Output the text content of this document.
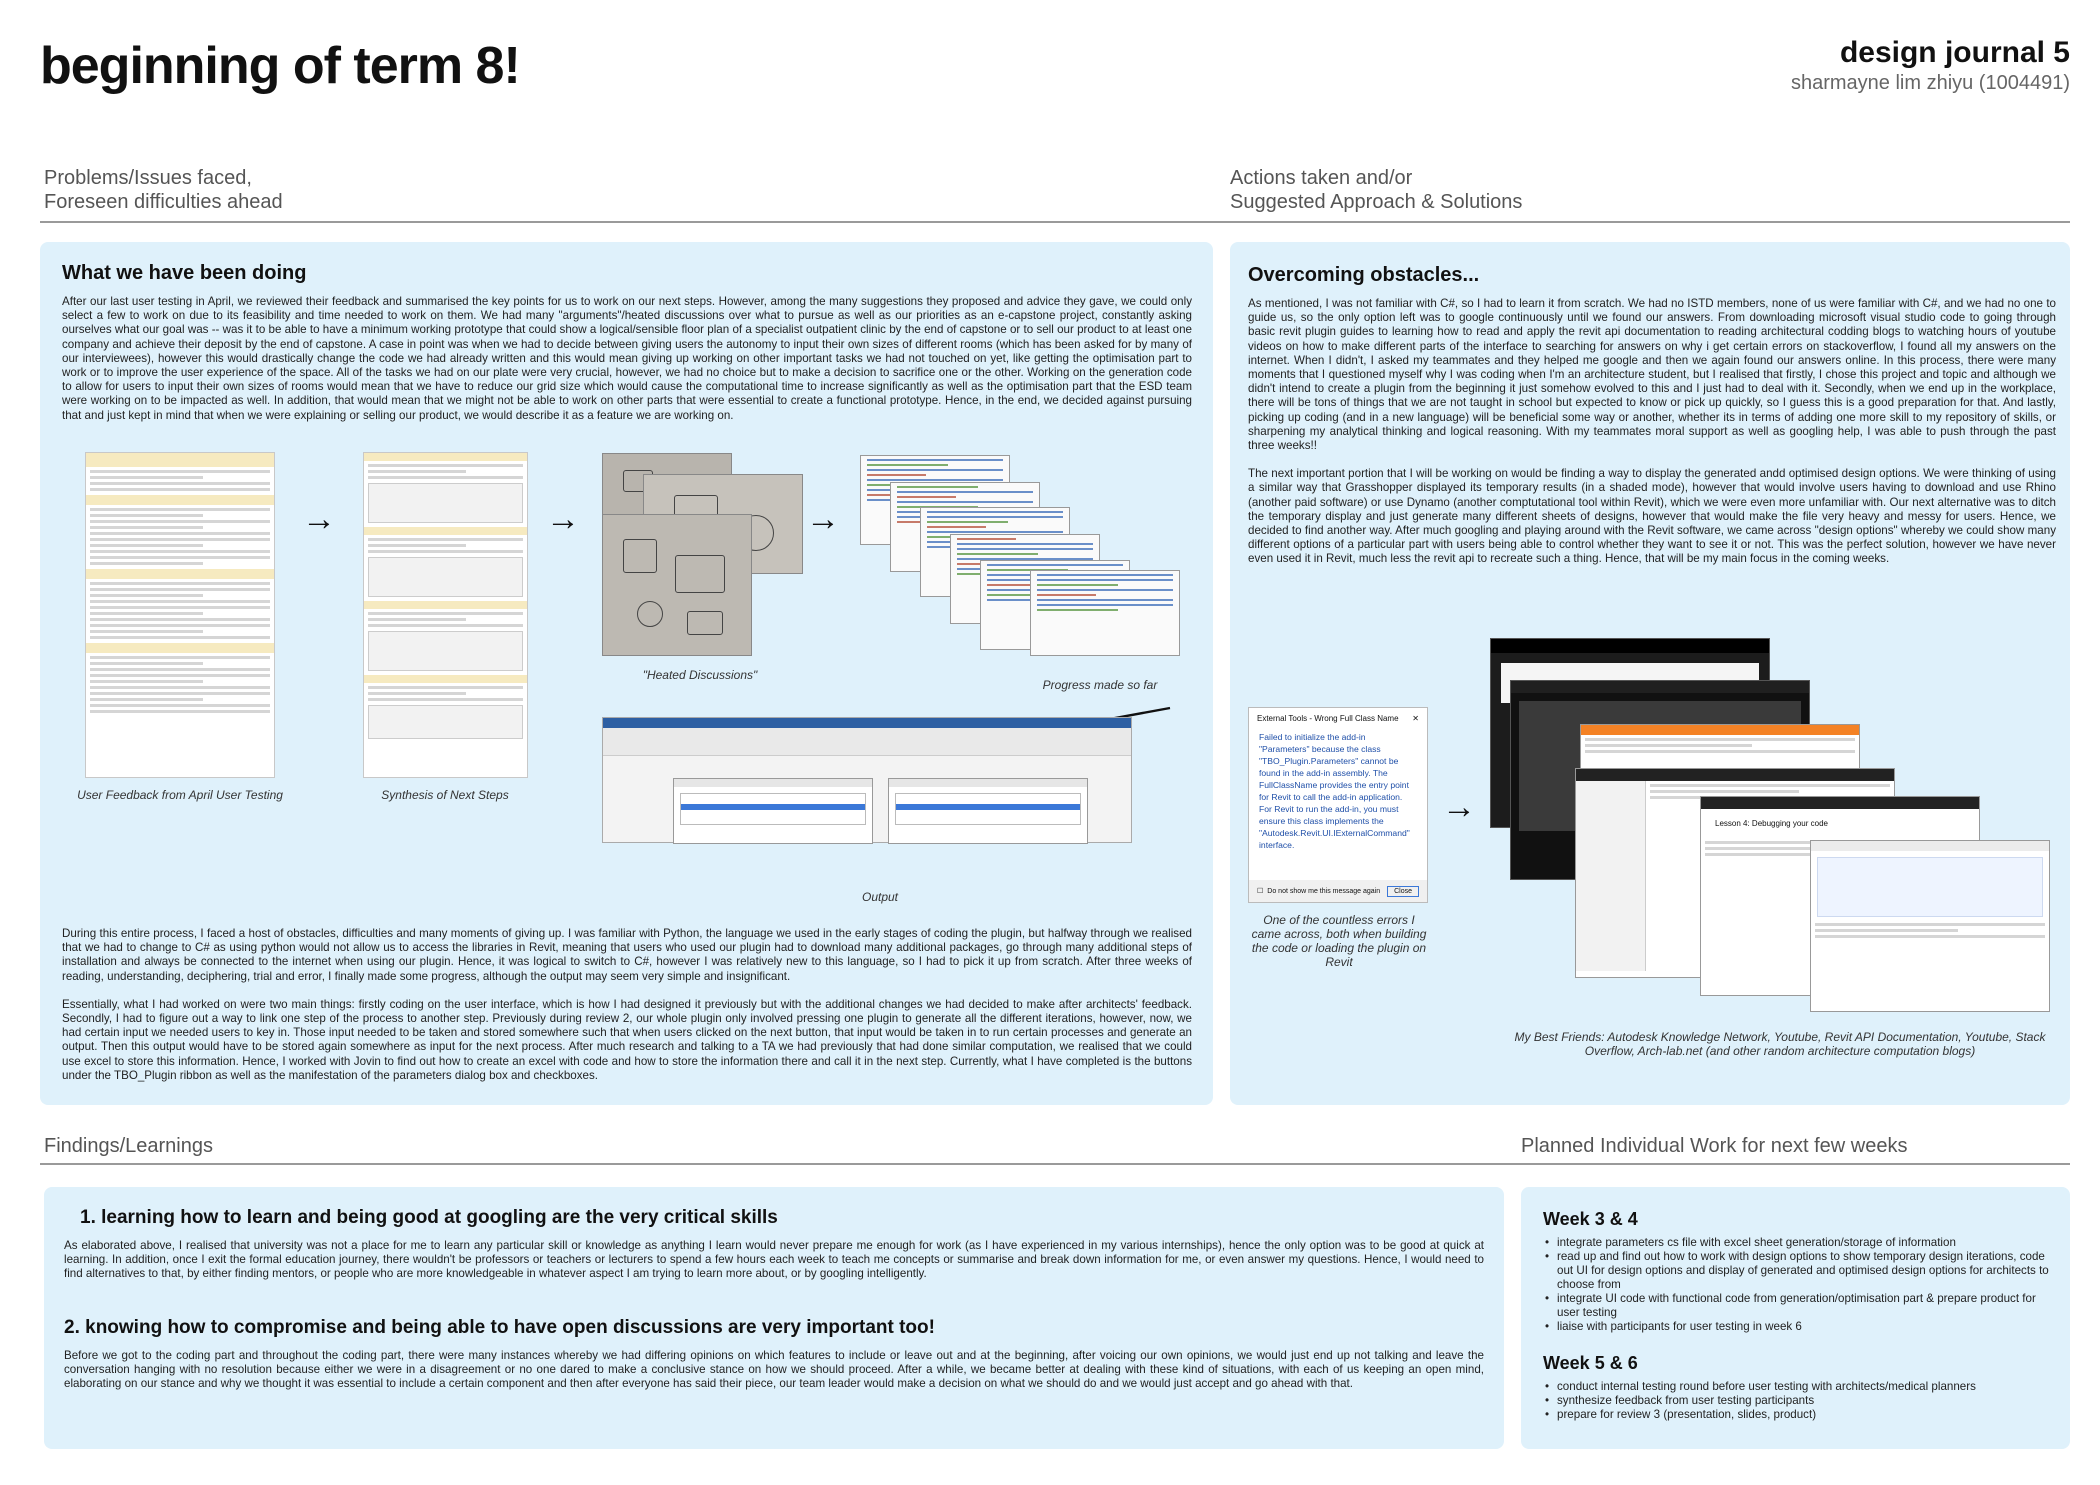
beginning of term 8!	design journal 5
sharmayne lim zhiyu (1004491)
Problems/Issues faced,
Foreseen difficulties ahead
Actions taken and/or
Suggested Approach & Solutions
What we have been doing
After our last user testing in April, we reviewed their feedback and summarised the key points for us to work on our next steps. However, among the many suggestions they proposed and advice they gave, we could only select a few to work on due to its feasibility and time needed to work on them. We had many "arguments"/heated discussions over what to pursue as well as our priorities as an e-capstone project, constantly asking ourselves what our goal was -- was it to be able to have a minimum working prototype that could show a logical/sensible floor plan of a specialist outpatient clinic by the end of capstone or to sell our product to at least one company and achieve their deposit by the end of capstone. A case in point was when we had to decide between giving users the autonomy to input their own sizes of different rooms (which has been asked for by many of our interviewees), however this would drastically change the code we had already written and this would mean giving up working on other important tasks we had not touched on yet, like getting the optimisation part to work or to improve the user experience of the space. All of the tasks we had on our plate were very crucial, however, we had no choice but to make a decision to sacrifice one or the other. Working on the generation code to allow for users to input their own sizes of rooms would mean that we have to reduce our grid size which would cause the computational time to increase significantly as well as the optimisation part that the ESD team were working on to be impacted as well. In addition, that would mean that we might not be able to work on other parts that were essential to create a functional prototype. Hence, in the end, we decided against pursuing that and just kept in mind that when we were explaining or selling our product, we would describe it as a feature we are working on.
User Feedback from April User Testing
→
Synthesis of Next Steps
→
"Heated Discussions"
→
Progress made so far
Output

During this entire process, I faced a host of obstacles, difficulties and many moments of giving up. I was familiar with Python, the language we used in the early stages of coding the plugin, but halfway through we realised that we had to change to C# as using python would not allow us to access the libraries in Revit, meaning that users who used our plugin had to download many additional packages, go through many additional steps of installation and always be connected to the internet when using our plugin. Hence, it was logical to switch to C#, however I was relatively new to this language, so I had to pick it up from scratch. After three weeks of reading, understanding, deciphering, trial and error, I finally made some progress, although the output may seem very simple and insignificant.

Essentially, what I had worked on were two main things: firstly coding on the user interface, which is how I had designed it previously but with the additional changes we had decided to make after architects' feedback. Secondly, I had to figure out a way to link one step of the process to another step. Previously during review 2, our whole plugin only involved pressing one plugin to generate all the different iterations, however, now, we had certain input we needed users to key in. Those input needed to be taken and stored somewhere such that when users clicked on the next button, that input would be taken in to run certain processes and generate an output. Then this output would have to be stored again somewhere as input for the next process. After much research and talking to a TA we had previously that had done similar computation, we realised that we could use excel to store this information. Hence, I worked with Jovin to find out how to create an excel with code and how to store the information there and call it in the next step. Currently, what I have completed is the buttons under the TBO_Plugin ribbon as well as the manifestation of the parameters dialog box and checkboxes.
Overcoming obstacles...

As mentioned, I was not familiar with C#, so I had to learn it from scratch. We had no ISTD members, none of us were familiar with C#, and we had no one to guide us, so the only option left was to google continuously until we found our answers. From downloading microsoft visual studio code to going through basic revit plugin guides to learning how to read and apply the revit api documentation to reading architectural codding blogs to watching hours of youtube videos on how to make different parts of the interface to searching for answers on why i get certain errors on stackoverflow, I found all my answers on the internet. When I didn't, I asked my teammates and they helped me google and then we again found our answers online. In this process, there were many moments that I questioned myself why I was coding when I'm an architecture student, but I realised that firstly, I chose this project and topic and although we didn't intend to create a plugin from the beginning it just somehow evolved to this and I just had to deal with it. Secondly, when we end up in the workplace, there will be tons of things that we are not taught in school but expected to know or pick up quickly, so I guess this is a good preparation for that. And lastly, picking up coding (and in a new language) will be beneficial some way or another, whether its in terms of adding one more skill to my repository of skills, or sharpening my analytical thinking and logical reasoning. With my teammates moral support as well as googling help, I was able to push through the past three weeks!!

The next important portion that I will be working on would be finding a way to display the generated andd optimised design options. We were thinking of using a similar way that Grasshopper displayed its temporary results (in a shaded mode), however that would involve users having to download and use Rhino (another paid software) or use Dynamo (another comptutational tool within Revit), which we were even more unfamiliar with. Our next alternative was to ditch the temporary display and just generate many different sheets of designs, however that would make the file very heavy and messy for users. Hence, we decided to find another way. After much googling and playing around with the Revit software, we came across "design options" whereby we could show many different options of a particular part with users being able to control whether they want to see it or not. This was the perfect solution, however we have never even used it in Revit, much less the revit api to recreate such a thing. Hence, that will be my main focus in the coming weeks.
External Tools - Wrong Full Class Name ✕
Failed to initialize the add-in "Parameters" because the class "TBO_Plugin.Parameters" cannot be found in the add-in assembly. The FullClassName provides the entry point for Revit to call the add-in application. For Revit to run the add-in, you must ensure this class implements the "Autodesk.Revit.UI.IExternalCommand" interface.
☐ Do not show me this message again	Close
One of the countless errors I came across, both when building the code or loading the plugin on Revit
→	Lesson 4: Debugging your code
My Best Friends: Autodesk Knowledge Network, Youtube, Revit API Documentation, Youtube, Stack Overflow, Arch-lab.net (and other random architecture computation blogs)
Findings/Learnings	Planned Individual Work for next few weeks
1. learning how to learn and being good at googling are the very critical skills
As elaborated above, I realised that university was not a place for me to learn any particular skill or knowledge as anything I learn would never prepare me enough for work (as I have experienced in my various internships), hence the only option was to be good at quick at learning. In addition, once I exit the formal education journey, there wouldn't be professors or teachers or lecturers to spend a few hours each week to teach me concepts or summarise and break down information for me, or even answer my questions. Hence, I would need to find alternatives to that, by either finding mentors, or people who are more knowledgeable in whatever aspect I am trying to learn more about, or by googling intelligently.
2. knowing how to compromise and being able to have open discussions are very important too!
Before we got to the coding part and throughout the coding part, there were many instances whereby we had differing opinions on which features to include or leave out and at the beginning, after voicing our own opinions, we would just end up not talking and leave the conversation hanging with no resolution because either we were in a disagreement or no one dared to make a conclusive stance on how we should proceed. After a while, we became better at dealing with these kind of situations, with each of us keeping an open mind, elaborating on our stance and why we thought it was essential to include a certain component and then after everyone has said their piece, our team leader would make a decision on what we should do and we would just accept and go ahead with that.
Week 3 & 4
• integrate parameters cs file with excel sheet generation/storage of information
• read up and find out how to work with design options to show temporary design iterations, code out UI for design options and display of generated and optimised design options for architects to choose from
• integrate UI code with functional code from generation/optimisation part & prepare product for user testing
• liaise with participants for user testing in week 6
Week 5 & 6
• conduct internal testing round before user testing with architects/medical planners
• synthesize feedback from user testing participants
• prepare for review 3 (presentation, slides, product)
